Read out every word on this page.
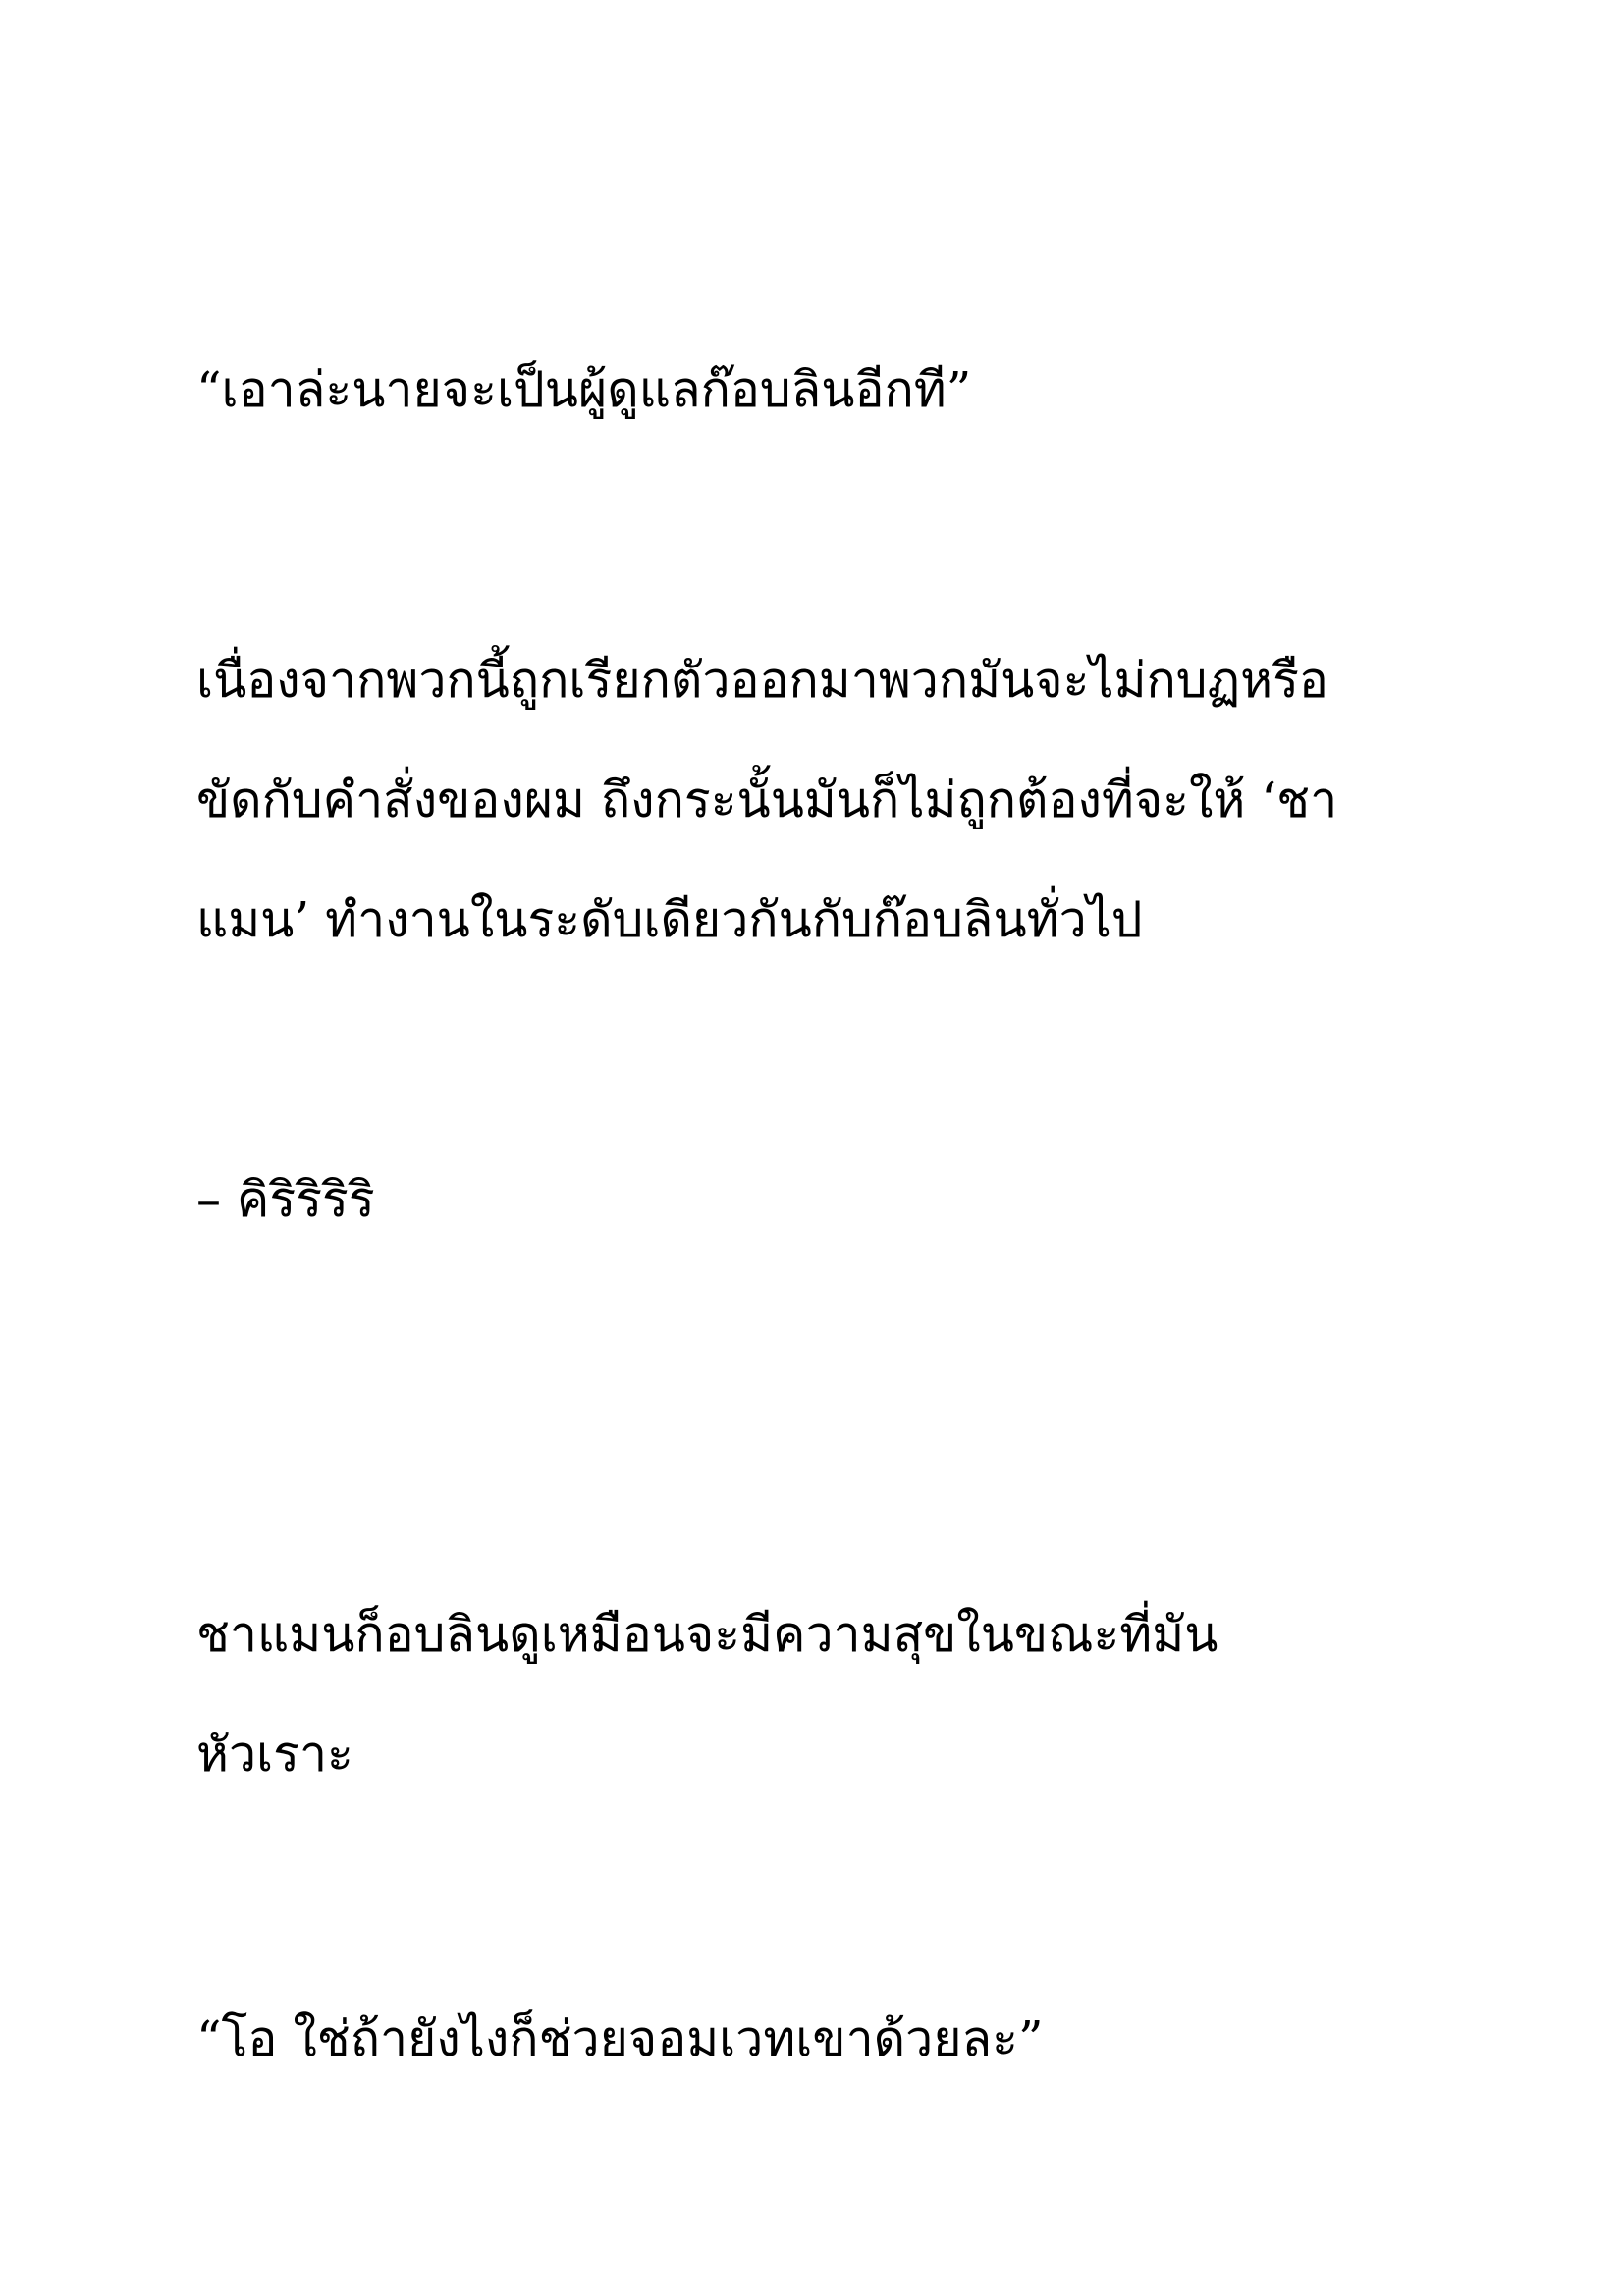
“เอาล่ะนายจะเป็นผู้ดูแลก๊อบลินอีกที”
เนื่องจากพวกนี้ถูกเรียกตัวออกมาพวกมันจะไม่กบฏหรือ
ขัดกับคำสั่งของผม ถึงกระนั้นมันก็ไม่ถูกต้องที่จะให้ ‘ชา
แมน’ ทำงานในระดับเดียวกันกับก๊อบลินทั่วไป
– คิริริริริ
ชาแมนก็อบลินดูเหมือนจะมีความสุขในขณะที่มัน
หัวเราะ
“โอ ใช่ถ้ายังไงก็ช่วยจอมเวทเขาด้วยละ”
